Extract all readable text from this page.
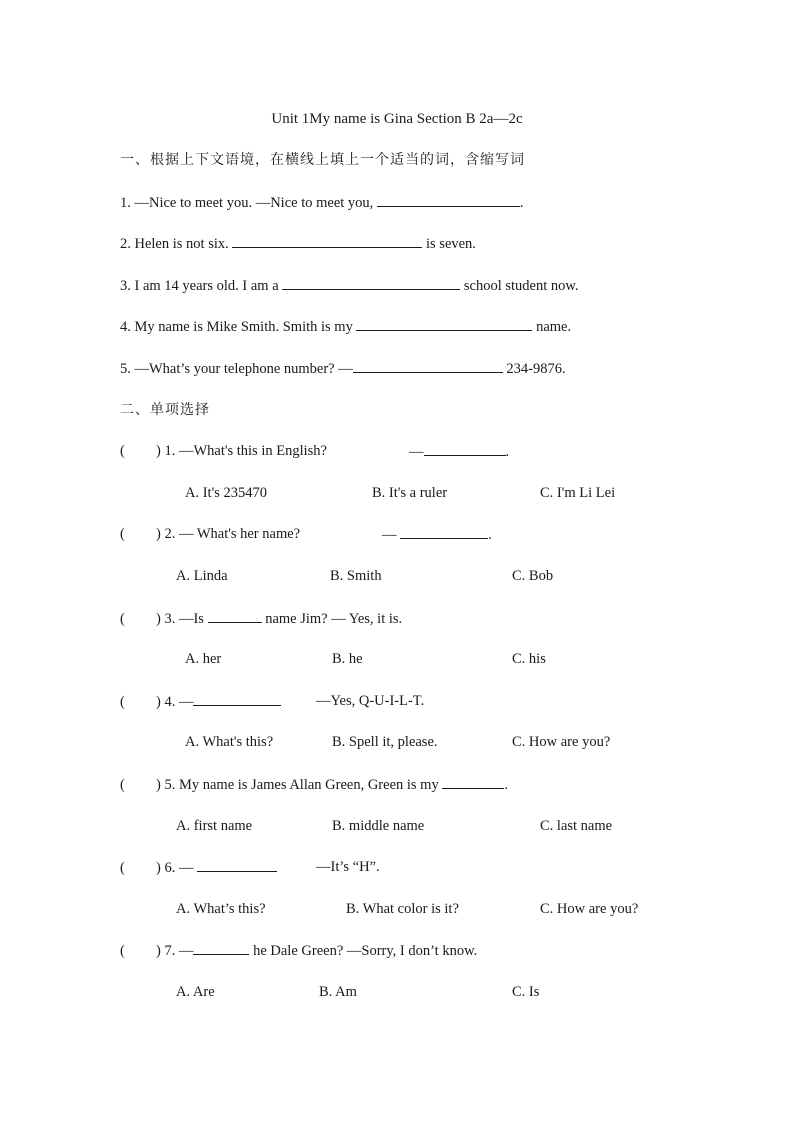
Unit 1My name is Gina Section B 2a—2c
一、根据上下文语境，在横线上填上一个适当的词，含缩写词
1. —Nice to meet you. —Nice to meet you,	.
2. Helen is not six.	is seven.
3. I am 14 years old. I am a	school student now.
4. My name is Mike Smith. Smith is my	name.
5. —What’s your telephone number? —	234-9876.
二、单项选择
( ) 1. —What's this in English?	—	.
A. It's 235470	B. It's a ruler	C. I'm Li Lei
( ) 2. — What's her name?	—	.
A. Linda	B. Smith	C. Bob
( ) 3. —Is	name Jim? — Yes, it is.
A. her	B. he	C. his
( ) 4. —	—Yes, Q-U-I-L-T.
A. What's this?	B. Spell it, please.	C. How are you?
( ) 5. My name is James Allan Green, Green is my	.
A. first name	B. middle name	C. last name
( ) 6. —	—It’s “H”.
A. What’s this?	B. What color is it?	C. How are you?
( ) 7. —	he Dale Green? —Sorry, I don’t know.
A. Are	B. Am	C. Is
